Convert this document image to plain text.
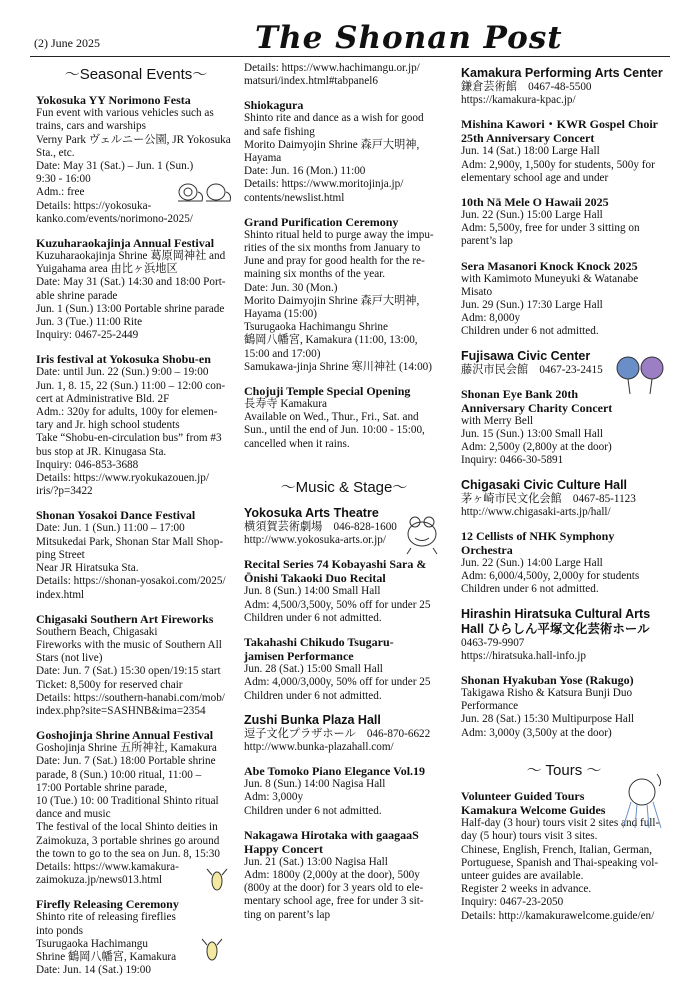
(2) June 2025	The Shonan Post
～Seasonal Events～
Yokosuka YY Norimono Festa
Fun event with various vehicles such as
trains, cars and warships
Verny Park ヴェルニー公園, JR Yokosuka
Sta., etc.
Date: May 31 (Sat.) – Jun. 1 (Sun.)
9:30 - 16:00
Adm.: free
Details: https://yokosuka-
kanko.com/events/norimono-2025/
Kuzuharaokajinja Annual Festival
Kuzuharaokajinja Shrine 葛原岡神社 and
Yuigahama area 由比ヶ浜地区
Date: May 31 (Sat.) 14:30 and 18:00 Port-
able shrine parade
Jun. 1 (Sun.) 13:00 Portable shrine parade
Jun. 3 (Tue.) 11:00 Rite
Inquiry: 0467-25-2449
Iris festival at Yokosuka Shobu-en
Date: until Jun. 22 (Sun.) 9:00 – 19:00
Jun. 1, 8. 15, 22 (Sun.) 11:00 – 12:00 con-
cert at Administrative Bld. 2F
Adm.: 320y for adults, 100y for elemen-
tary and Jr. high school students
Take “Shobu-en-circulation bus” from #3
bus stop at JR. Kinugasa Sta.
Inquiry: 046-853-3688
Details: https://www.ryokukazouen.jp/
iris/?p=3422
Shonan Yosakoi Dance Festival
Date: Jun. 1 (Sun.) 11:00 – 17:00
Mitsukedai Park, Shonan Star Mall Shop-
ping Street
Near JR Hiratsuka Sta.
Details: https://shonan-yosakoi.com/2025/
index.html
Chigasaki Southern Art Fireworks
Southern Beach, Chigasaki
Fireworks with the music of Southern All
Stars (not live)
Date: Jun. 7 (Sat.) 15:30 open/19:15 start
Ticket: 8,500y for reserved chair
Details: https://southern-hanabi.com/mob/
index.php?site=SASHNB&ima=2354
Goshojinja Shrine Annual Festival
Goshojinja Shrine 五所神社, Kamakura
Date: Jun. 7 (Sat.) 18:00 Portable shrine
parade, 8 (Sun.) 10:00 ritual, 11:00 –
17:00 Portable shrine parade,
10 (Tue.) 10: 00 Traditional Shinto ritual
dance and music
The festival of the local Shinto deities in
Zaimokuza, 3 portable shrines go around
the town to go to the sea on Jun. 8, 15:30
Details: https://www.kamakura-
zaimokuza.jp/news013.html
Firefly Releasing Ceremony
Shinto rite of releasing fireflies
into ponds
Tsurugaoka Hachimangu
Shrine 鶴岡八幡宮, Kamakura
Date: Jun. 14 (Sat.) 19:00
Details: https://www.hachimangu.or.jp/
matsuri/index.html#tabpanel6
Shiokagura
Shinto rite and dance as a wish for good
and safe fishing
Morito Daimyojin Shrine 森戸大明神,
Hayama
Date: Jun. 16 (Mon.) 11:00
Details: https://www.moritojinja.jp/
contents/newslist.html
Grand Purification Ceremony
Shinto ritual held to purge away the impu-
rities of the six months from January to
June and pray for good health for the re-
maining six months of the year.
Date: Jun. 30 (Mon.)
Morito Daimyojin Shrine 森戸大明神,
Hayama (15:00)
Tsurugaoka Hachimangu Shrine
鶴岡八幡宮, Kamakura (11:00, 13:00,
15:00 and 17:00)
Samukawa-jinja Shrine 寒川神社 (14:00)
Chojuji Temple Special Opening
長寿寺 Kamakura
Available on Wed., Thur., Fri., Sat. and
Sun., until the end of Jun. 10:00 - 15:00,
cancelled when it rains.
～Music & Stage～
Yokosuka Arts Theatre
横須賀芸術劇場　046-828-1600
http://www.yokosuka-arts.or.jp/
Recital Series 74 Kobayashi Sara &
Ōnishi Takaoki Duo Recital
Jun. 8 (Sun.) 14:00 Small Hall
Adm: 4,500/3,500y, 50% off for under 25
Children under 6 not admitted.
Takahashi Chikudo Tsugaru-
jamisen Performance
Jun. 28 (Sat.) 15:00 Small Hall
Adm: 4,000/3,000y, 50% off for under 25
Children under 6 not admitted.
Zushi Bunka Plaza Hall
逗子文化プラザホール　046-870-6622
http://www.bunka-plazahall.com/
Abe Tomoko Piano Elegance Vol.19
Jun. 8 (Sun.) 14:00 Nagisa Hall
Adm: 3,000y
Children under 6 not admitted.
Nakagawa Hirotaka with gaagaaS
Happy Concert
Jun. 21 (Sat.) 13:00 Nagisa Hall
Adm: 1800y (2,000y at the door), 500y
(800y at the door) for 3 years old to ele-
mentary school age, free for under 3 sit-
ting on parent’s lap
Kamakura Performing Arts Center
鎌倉芸術館　0467-48-5500
https://kamakura-kpac.jp/
Mishina Kawori・KWR Gospel Choir
25th Anniversary Concert
Jun. 14 (Sat.) 18:00 Large Hall
Adm: 2,900y, 1,500y for students, 500y for
elementary school age and under
10th Nā Mele O Hawaii 2025
Jun. 22 (Sun.) 15:00 Large Hall
Adm: 5,500y, free for under 3 sitting on
parent’s lap
Sera Masanori Knock Knock 2025
with Kamimoto Muneyuki & Watanabe
Misato
Jun. 29 (Sun.) 17:30 Large Hall
Adm: 8,000y
Children under 6 not admitted.
Fujisawa Civic Center
藤沢市民会館　0467-23-2415
Shonan Eye Bank 20th
Anniversary Charity Concert
with Merry Bell
Jun. 15 (Sun.) 13:00 Small Hall
Adm: 2,500y (2,800y at the door)
Inquiry: 0466-30-5891
Chigasaki Civic Culture Hall
茅ヶ崎市民文化会館　0467-85-1123
http://www.chigasaki-arts.jp/hall/
12 Cellists of NHK Symphony
Orchestra
Jun. 22 (Sun.) 14:00 Large Hall
Adm: 6,000/4,500y, 2,000y for students
Children under 6 not admitted.
Hirashin Hiratsuka Cultural Arts Hall ひらしん平塚文化芸術ホール
0463-79-9907
https://hiratsuka.hall-info.jp
Shonan Hyakuban Yose (Rakugo)
Takigawa Risho & Katsura Bunji Duo
Performance
Jun. 28 (Sat.) 15:30 Multipurpose Hall
Adm: 3,000y (3,500y at the door)
～ Tours ～
Volunteer Guided Tours
Kamakura Welcome Guides
Half-day (3 hour) tours visit 2 sites and full-
day (5 hour) tours visit 3 sites.
Chinese, English, French, Italian, German,
Portuguese, Spanish and Thai-speaking vol-
unteer guides are available.
Register 2 weeks in advance.
Inquiry: 0467-23-2050
Details: http://kamakurawelcome.guide/en/
